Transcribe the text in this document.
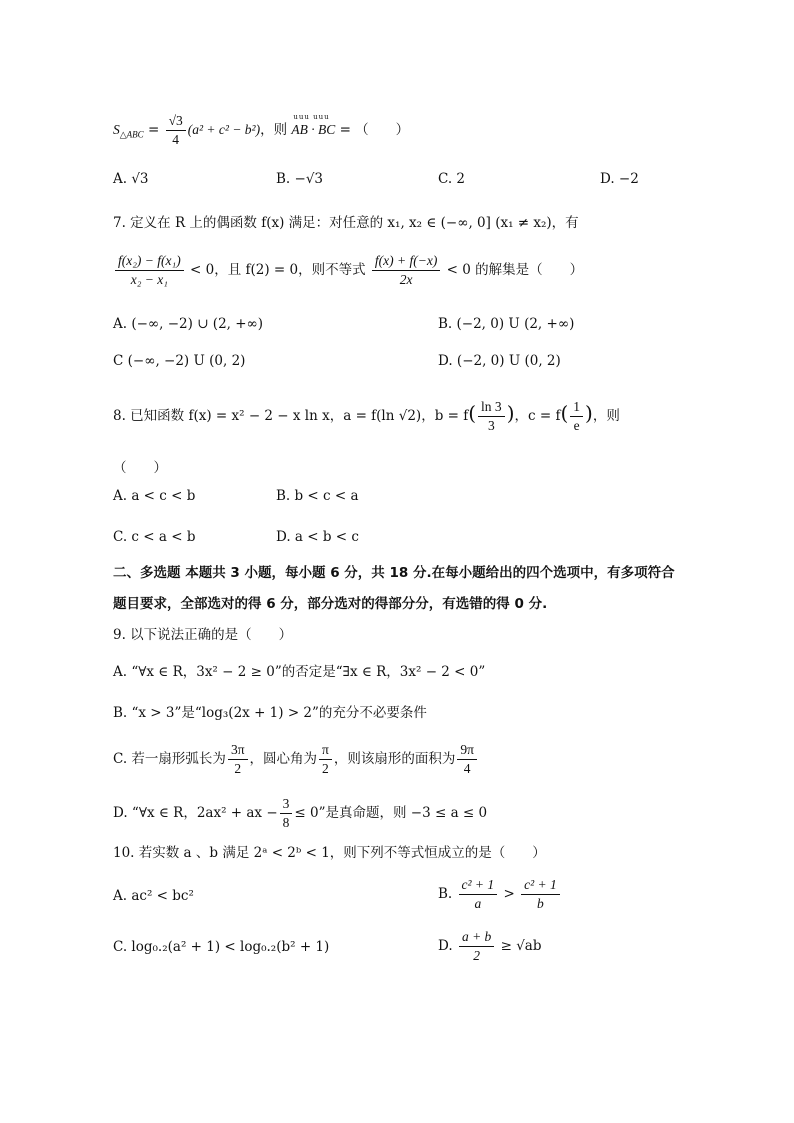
$S_{\triangle ABC} = \frac{√3}{4} (a^2 + c^2 - b^2)$，则
uuu uuu
AB · BC = （　　）
A. √3	B. −√3	C. 2	D. −2
7. 定义在 R 上的偶函数 f(x) 满足：对任意的 x₁, x₂ ∈ (−∞, 0] (x₁ ≠ x₂)，有
$\frac{\text{f(x₂) − f(x₁)}}{\text{x₂ − x₁}} < 0$，且 f(2) = 0，则不等式 $\frac{f(x) + f(-x)}{2x} < 0$ 的解集是（　　）
A. (−∞, −2) ∪ (2, +∞)	B. (−2, 0) U (2, +∞)
C (−∞, −2) U (0, 2)	D. (−2, 0) U (0, 2)
8. 已知函数 f(x) = x² − 2 − x ln x，a = f(ln √2)，$b = f( \frac{\ln 3}{3}$ )，$c = f( \frac{1}{e}$ )，则
（　　）
A. a < c < b	B. b < c < a
C. c < a < b	D. a < b < c
二、多选题 本题共 3 小题，每小题 6 分，共 18 分.在每小题给出的四个选项中，有多项符合
题目要求，全部选对的得 6 分，部分选对的得部分分，有选错的得 0 分.
9. 以下说法正确的是（　　）
A. “∀x ∈ R，3x² − 2 ≥ 0”的否定是“∃x ∈ R，3x² − 2 < 0”
B. “x > 3”是“log₃(2x + 1) > 2”的充分不必要条件
C. 若一扇形弧长为 $\frac{3\pi}{2}$ ，圆心角为 $\frac{\pi}{2}$ ，则该扇形的面积为 $\frac{9\pi}{4}$
D. “∀x ∈ R，2ax² + ax − $\frac{3}{8} \le 0$”是真命题，则 −3 ≤ a ≤ 0
10. 若实数 a 、b 满足 2ᵃ < 2ᵇ < 1，则下列不等式恒成立的是（　　）
A. ac² < bc²	B. $\frac{\text{c² + 1}}{a} > \frac{\text{c² + 1}}{b}$
C. log₀.₂(a² + 1) < log₀.₂(b² + 1)	D. $\frac{a + b}{2} \ge √ab$
